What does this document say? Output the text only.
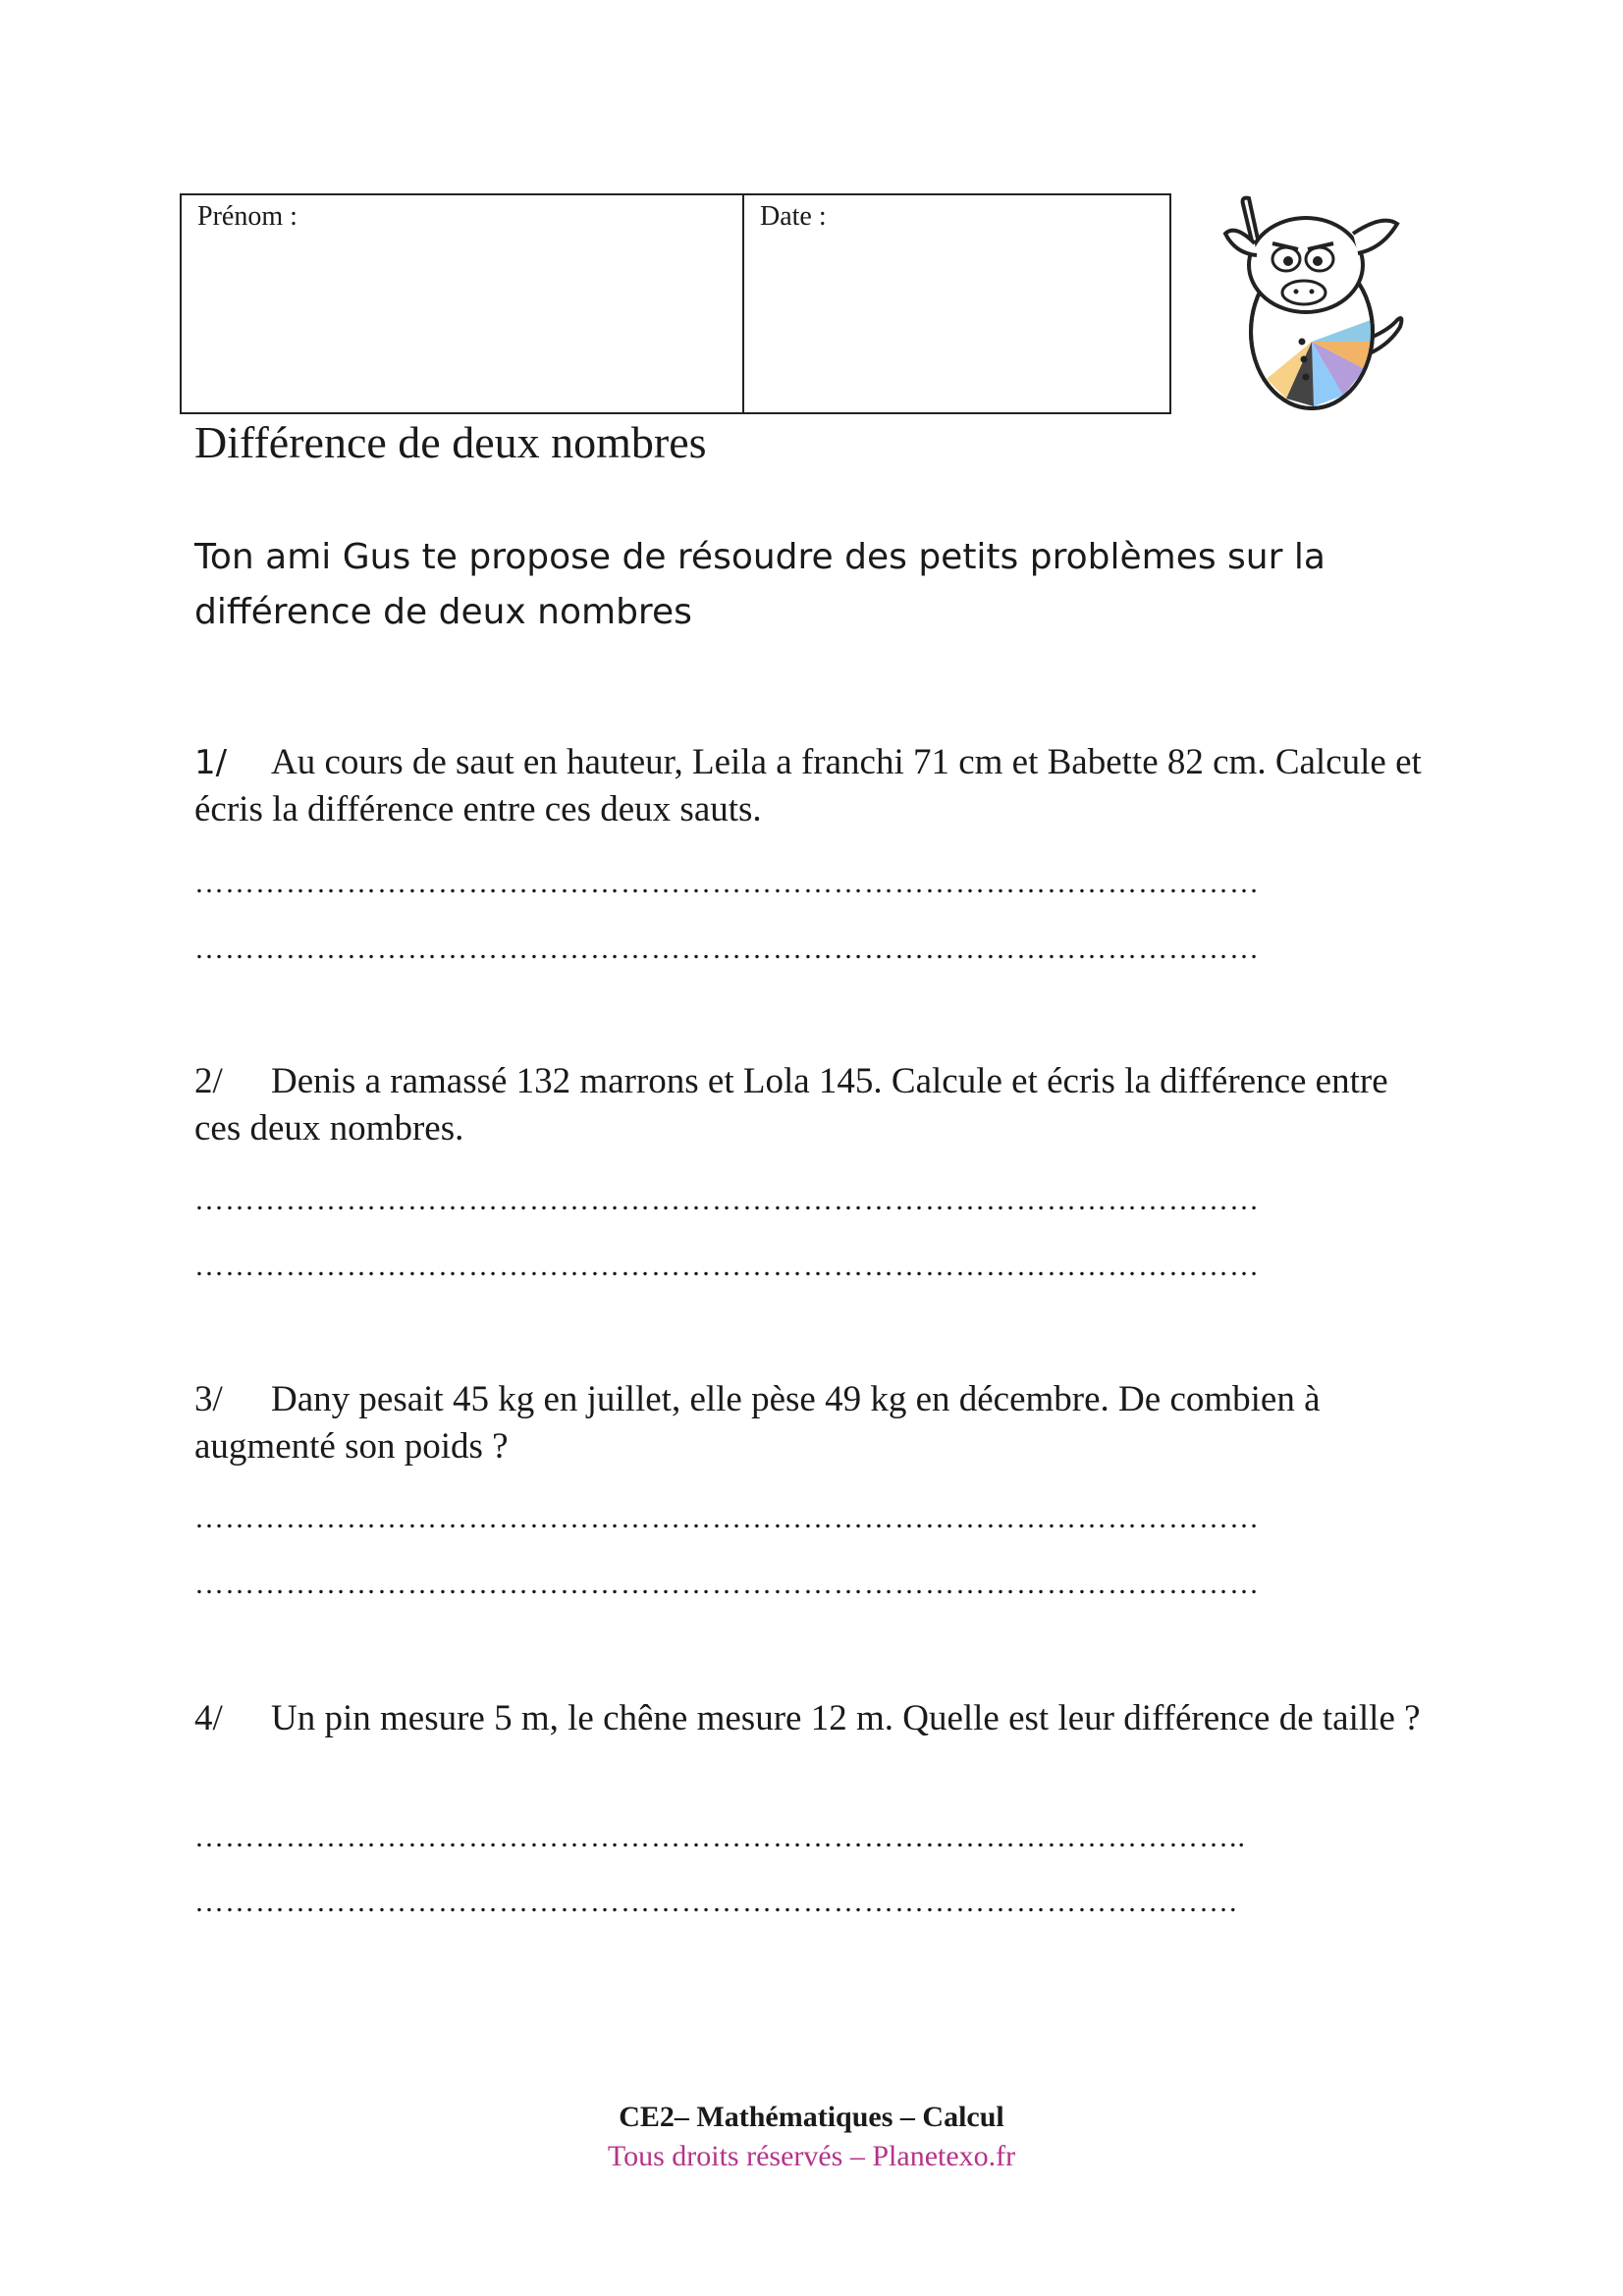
Prénom :	Date :
Différence de deux nombres

Ton ami Gus te propose de résoudre des petits problèmes sur la différence de deux nombres

1/ Au cours de saut en hauteur, Leila a franchi 71 cm et Babette 82 cm. Calcule et écris la différence entre ces deux sauts.

……………………………………………………………………………………………
……………………………………………………………………………………………

2/ Denis a ramassé 132 marrons et Lola 145. Calcule et écris la différence entre ces deux nombres.

……………………………………………………………………………………………
……………………………………………………………………………………………

3/ Dany pesait 45 kg en juillet, elle pèse 49 kg en décembre. De combien à augmenté son poids ?

……………………………………………………………………………………………
……………………………………………………………………………………………

4/ Un pin mesure 5 m, le chêne mesure 12 m. Quelle est leur différence de taille ?

…………………………………………………………………………………………..
………………………………………………………………………………………….
CE2– Mathématiques – Calcul
Tous droits réservés – Planetexo.fr
